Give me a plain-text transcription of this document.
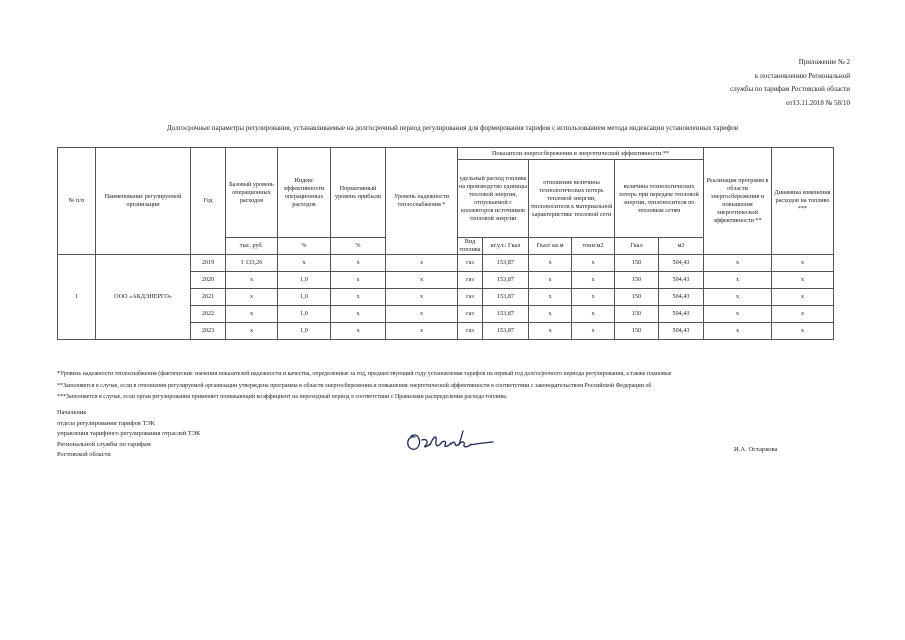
Приложение № 2
к постановлению Региональной
службы по тарифам Ростовской области
от13.11.2018 № 58/10
Долгосрочные параметры регулирования, устанавливаемые на долгосрочный период регулирования для формирования тарифов с использованием метода индексации установленных тарифов
№ п/п	Наименование регулируемой организации	Год	Базовый уровень операционных расходов	Индекс эффективности операционных расходов	Нормативный уровень прибыли	Уровень надежности теплоснабжения *	Показатели энергосбережения и энергетической эффективности **						Реализация программ в области энергосбережения и повышения энергетической эффективности **	Динамика изменения расходов на топливо ***
							удельный расход топлива на производство единицы тепловой энергии, отпускаемой с коллекторов источников тепловой энергии		отношение величины технологических потерь тепловой энергии, теплоносителя к материальной характеристике тепловой сети		величина технологических потерь при передаче тепловой энергии, теплоносителя по тепловым сетям			
			тыс. руб.	%	%		Вид топлива	кг.у.т./ Гкал	Гкал/ кв.м	тонн/м2	Гкал	м3		
1	ООО «АКДЭНЕРГО»	2019	1 133,26	x	x	x	газ	153,87	x	x	150	504,43	x	x
		2020	x	1,0	x	x	газ	153,87	x	x	150	504,43	x	x
		2021	x	1,0	x	x	газ	153,87	x	x	150	504,43	x	x
		2022	x	1,0	x	x	газ	153,87	x	x	150	504,43	x	x
		2023	x	1,0	x	x	газ	153,87	x	x	150	504,43	x	x
*Уровень надежности теплоснабжения (фактические значения показателей надежности и качества, определенные за год, предшествующий году установления тарифов на первый год долгосрочного периода регулирования, а также плановые
**Заполняется в случае, если в отношении регулируемой организации утверждена программа в области энергосбережения и повышения энергетической эффективности в соответствии с законодательством Российской Федерации об
***Заполняется в случае, если орган регулирования применяет понижающий коэффициент на переходный период в соответствии с Правилами распределения расхода топлива.
Начальник
отдела регулирования тарифов ТЭК
управления тарифного регулирования отраслей ТЭК
Региональной службы по тарифам
Ростовской области
И.А. Остаркова
